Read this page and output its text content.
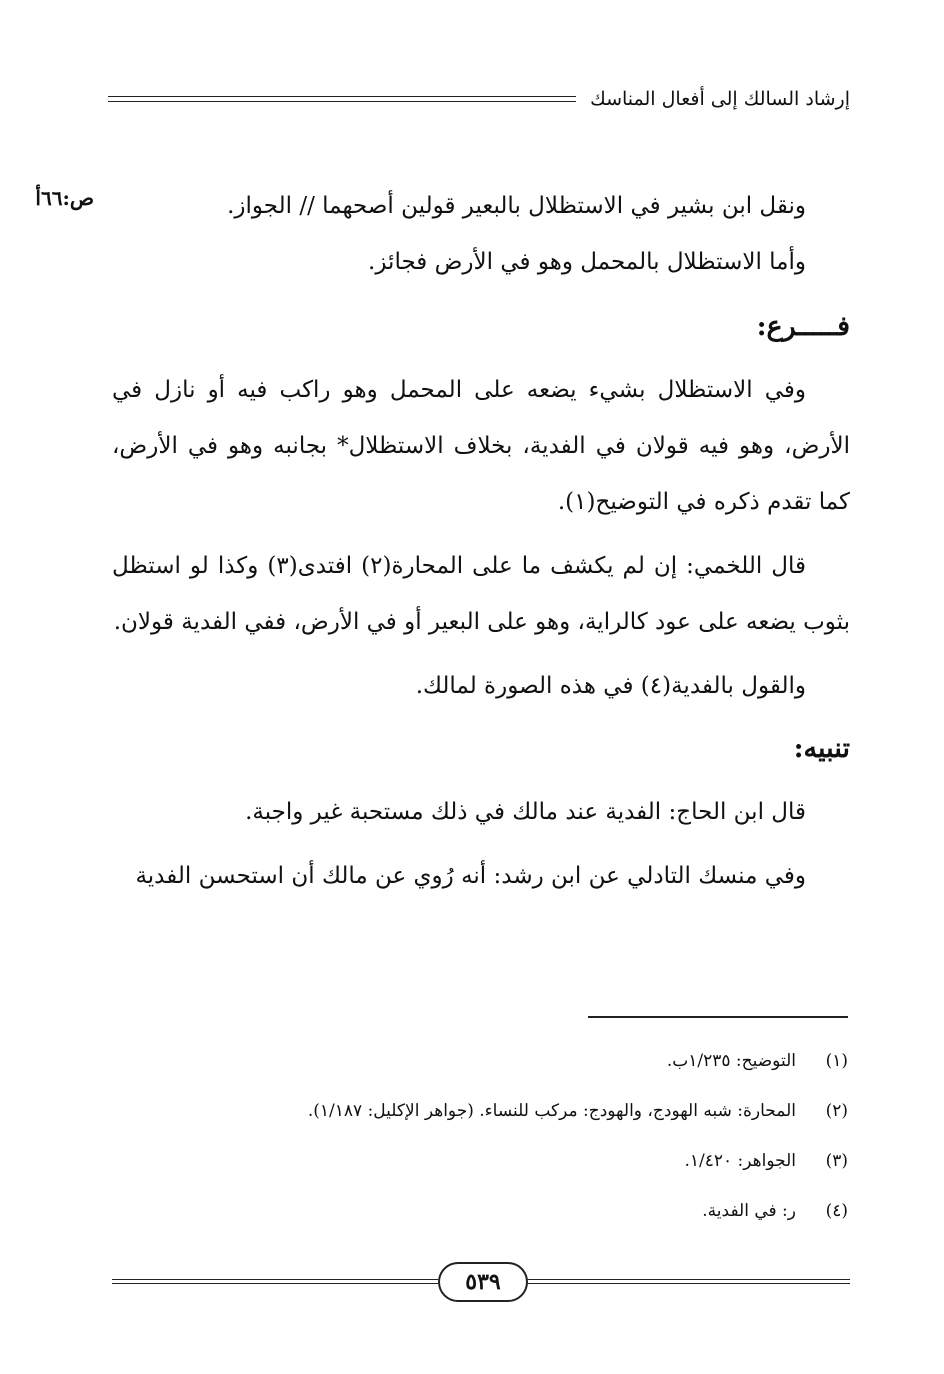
إرشاد السالك إلى أفعال المناسك
ص:٦٦أ	ونقل ابن بشير في الاستظلال بالبعير قولين أصحهما // الجواز.

وأما الاستظلال بالمحمل وهو في الأرض فجائز.

فـــــرع:

وفي الاستظلال بشيء يضعه على المحمل وهو راكب فيه أو نازل في الأرض، وهو فيه قولان في الفدية، بخلاف الاستظلال* بجانبه وهو في الأرض، كما تقدم ذكره في التوضيح(١).

قال اللخمي: إن لم يكشف ما على المحارة(٢) افتدى(٣) وكذا لو استظل بثوب يضعه على عود كالراية، وهو على البعير أو في الأرض، ففي الفدية قولان.

والقول بالفدية(٤) في هذه الصورة لمالك.

تنبيه:

قال ابن الحاج: الفدية عند مالك في ذلك مستحبة غير واجبة.

وفي منسك التادلي عن ابن رشد: أنه رُوي عن مالك أن استحسن الفدية

(١)
التوضيح: ١/٢٣٥ب.
(٢)
المحارة: شبه الهودج، والهودج: مركب للنساء. (جواهر الإكليل: ١/١٨٧).
(٣)
الجواهر: ١/٤٢٠.
(٤)
ر: في الفدية.
٥٣٩
